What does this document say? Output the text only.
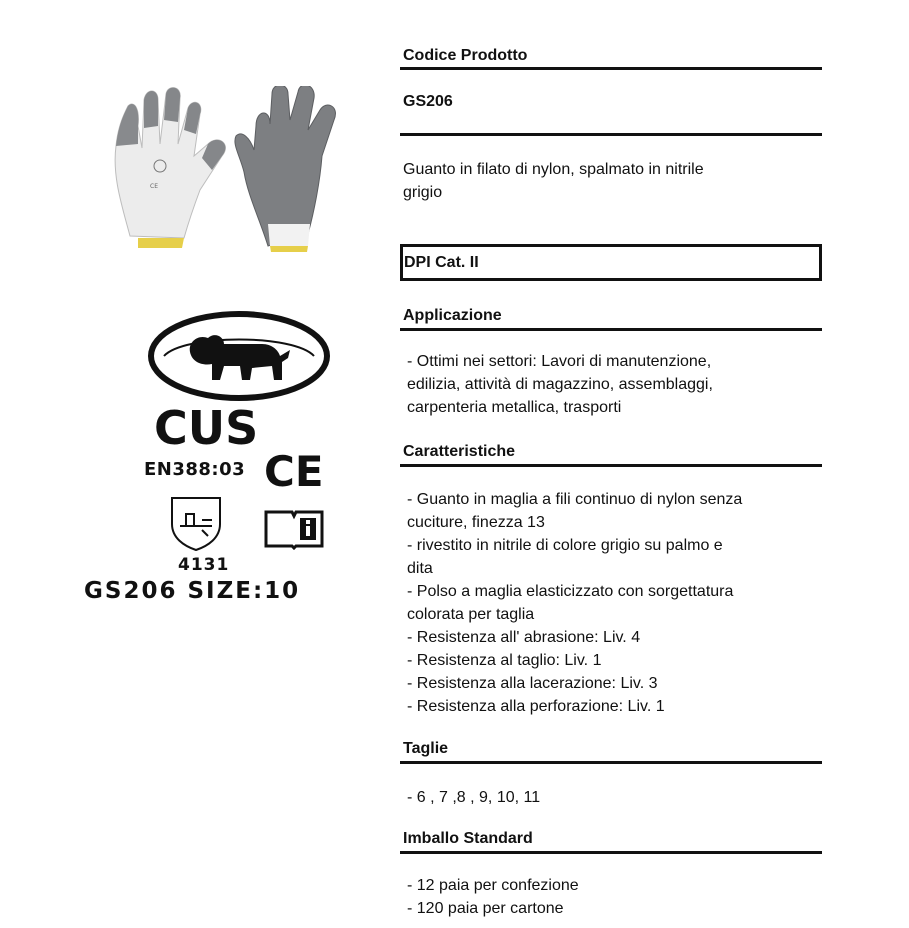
CE
CUS
EN388:03 CE
4131
GS206 SIZE:10
Codice Prodotto
GS206
Guanto in filato di nylon, spalmato in nitrile
grigio
DPI Cat. II
Applicazione
- Ottimi nei settori: Lavori di manutenzione,
edilizia, attività di magazzino, assemblaggi,
carpenteria metallica, trasporti
Caratteristiche
- Guanto in maglia a fili continuo di nylon senza
cuciture, finezza 13
- rivestito in nitrile di colore grigio su palmo e
dita
- Polso a maglia elasticizzato con sorgettatura
colorata per taglia
- Resistenza all' abrasione: Liv. 4
- Resistenza al taglio: Liv. 1
- Resistenza alla lacerazione: Liv. 3
- Resistenza alla perforazione: Liv. 1
Taglie
- 6 , 7 ,8 , 9, 10, 11
Imballo Standard
- 12 paia per confezione
- 120 paia per cartone
